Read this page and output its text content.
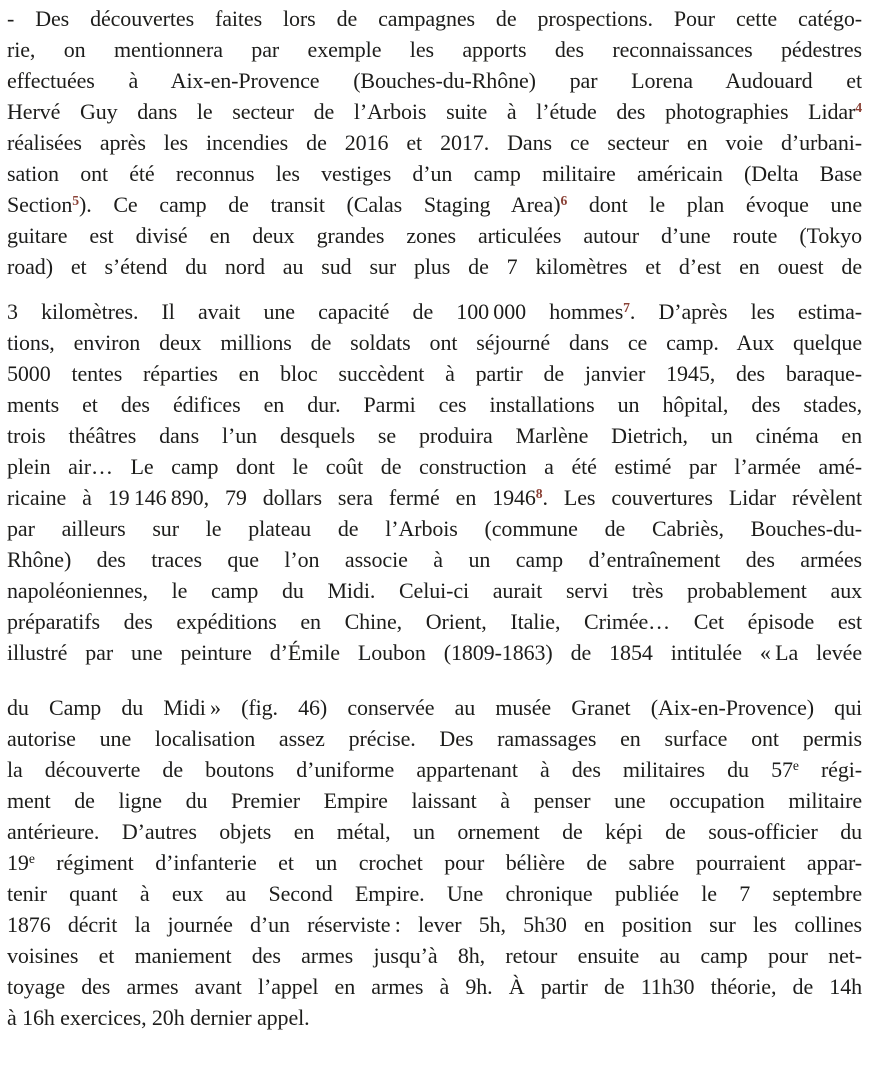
- Des découvertes faites lors de campagnes de prospections. Pour cette catégo-
rie, on mentionnera par exemple les apports des reconnaissances pédestres
effectuées à Aix-en-Provence (Bouches-du-Rhône) par Lorena Audouard et
Hervé Guy dans le secteur de l’Arbois suite à l’étude des photographies Lidar$^4$
réalisées après les incendies de 2016 et 2017. Dans ce secteur en voie d’urbani-
sation ont été reconnus les vestiges d’un camp militaire américain (Delta Base
Section$^5$). Ce camp de transit (Calas Staging Area)$^6$ dont le plan évoque une
guitare est divisé en deux grandes zones articulées autour d’une route (Tokyo
road) et s’étend du nord au sud sur plus de 7 kilomètres et d’est en ouest de
3 kilomètres. Il avait une capacité de 100 000 hommes$^7$. D’après les estima-
tions, environ deux millions de soldats ont séjourné dans ce camp. Aux quelque
5000 tentes réparties en bloc succèdent à partir de janvier 1945, des baraque-
ments et des édifices en dur. Parmi ces installations un hôpital, des stades,
trois théâtres dans l’un desquels se produira Marlène Dietrich, un cinéma en
plein air… Le camp dont le coût de construction a été estimé par l’armée amé-
ricaine à 19 146 890, 79 dollars sera fermé en 1946$^8$. Les couvertures Lidar révèlent
par ailleurs sur le plateau de l’Arbois (commune de Cabriès, Bouches-du-
Rhône) des traces que l’on associe à un camp d’entraînement des armées
napoléoniennes, le camp du Midi. Celui-ci aurait servi très probablement aux
préparatifs des expéditions en Chine, Orient, Italie, Crimée… Cet épisode est
illustré par une peinture d’Émile Loubon (1809-1863) de 1854 intitulée « La levée
du Camp du Midi » (fig. 46) conservée au musée Granet (Aix-en-Provence) qui
autorise une localisation assez précise. Des ramassages en surface ont permis
la découverte de boutons d’uniforme appartenant à des militaires du 57e régi-
ment de ligne du Premier Empire laissant à penser une occupation militaire
antérieure. D’autres objets en métal, un ornement de képi de sous-officier du
19e régiment d’infanterie et un crochet pour bélière de sabre pourraient appar-
tenir quant à eux au Second Empire. Une chronique publiée le 7 septembre
1876 décrit la journée d’un réserviste : lever 5h, 5h30 en position sur les collines
voisines et maniement des armes jusqu’à 8h, retour ensuite au camp pour net-
toyage des armes avant l’appel en armes à 9h. À partir de 11h30 théorie, de 14h
à 16h exercices, 20h dernier appel.
